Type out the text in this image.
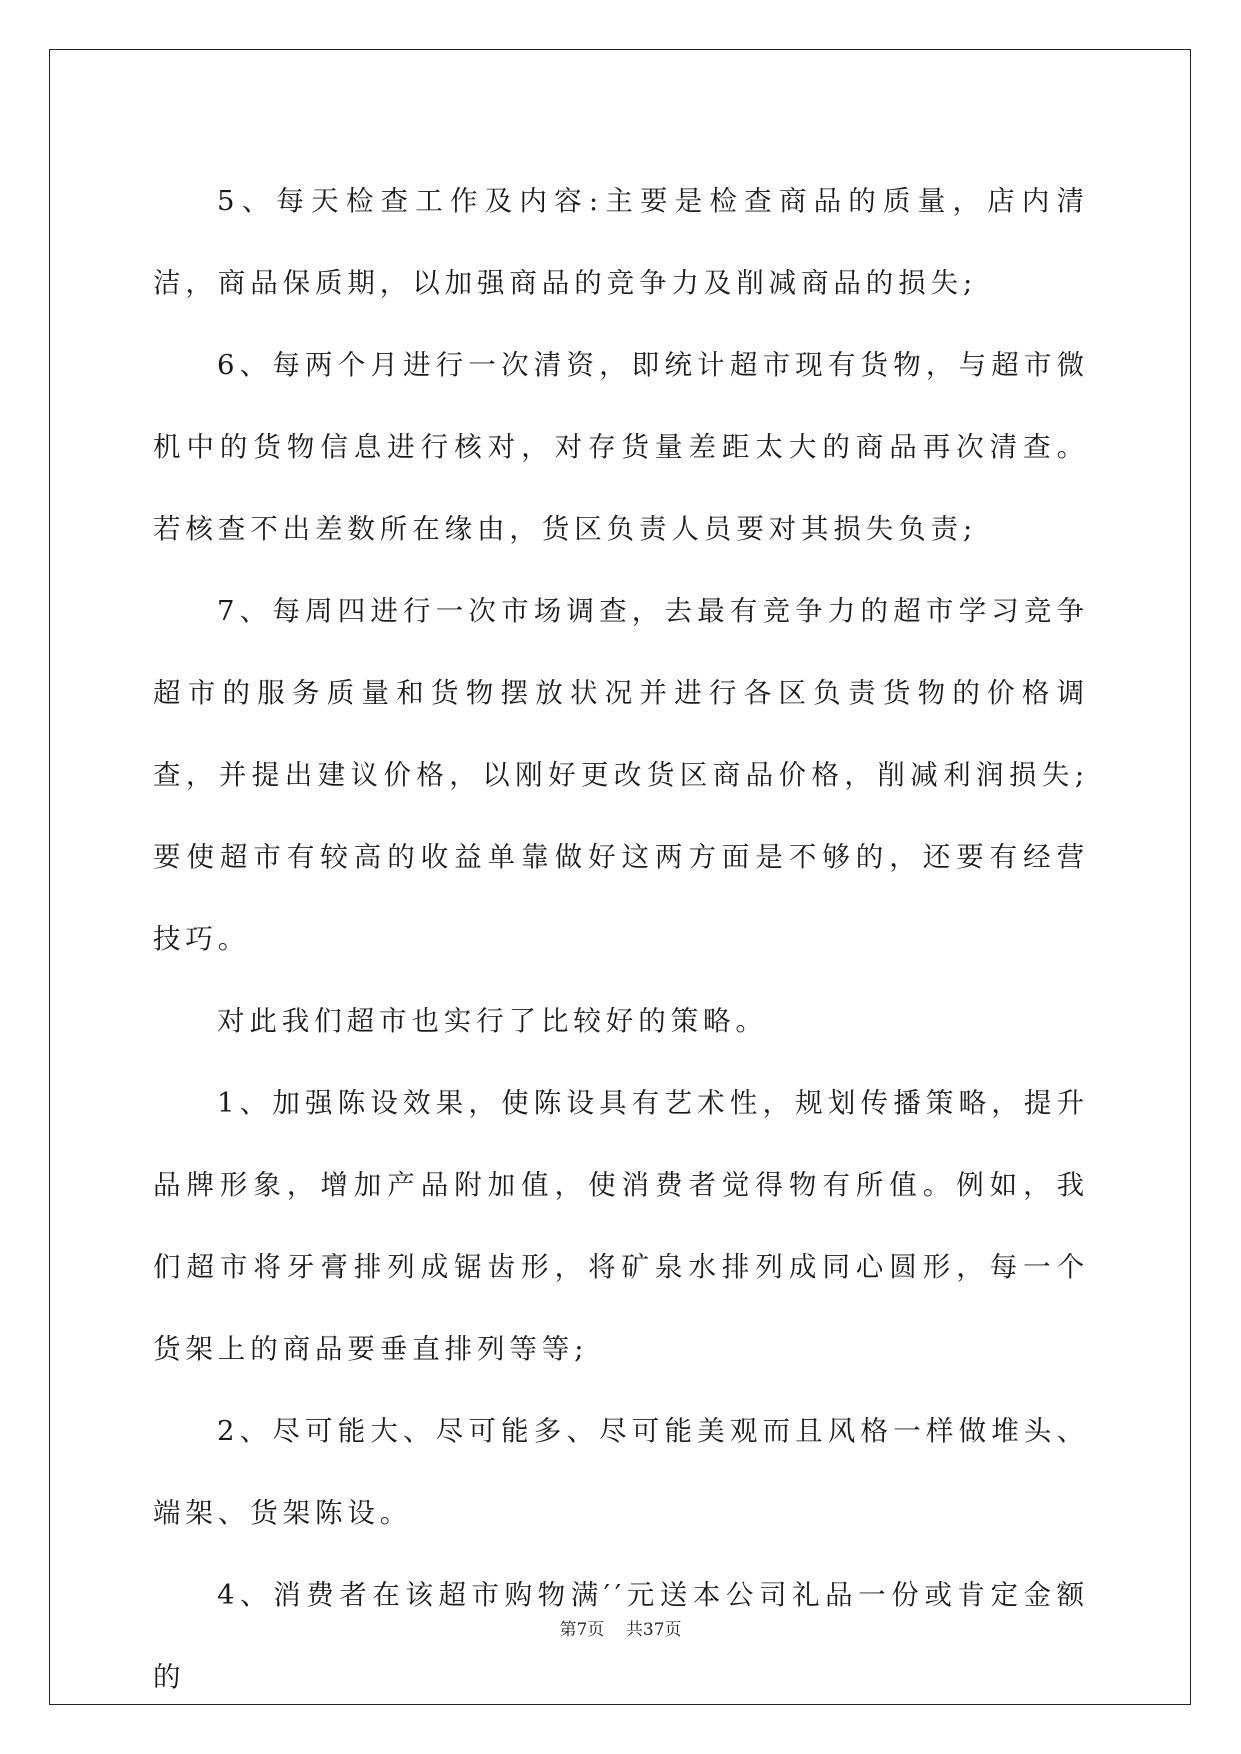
5、每天检查工作及内容:主要是检查商品的质量，店内清洁，商品保质期，以加强商品的竞争力及削减商品的损失;

6、每两个月进行一次清资，即统计超市现有货物，与超市微机中的货物信息进行核对，对存货量差距太大的商品再次清查。若核查不出差数所在缘由，货区负责人员要对其损失负责;

7、每周四进行一次市场调查，去最有竞争力的超市学习竞争超市的服务质量和货物摆放状况并进行各区负责货物的价格调查，并提出建议价格，以刚好更改货区商品价格，削减利润损失;要使超市有较高的收益单靠做好这两方面是不够的，还要有经营技巧。

对此我们超市也实行了比较好的策略。

1、加强陈设效果，使陈设具有艺术性，规划传播策略，提升品牌形象，增加产品附加值，使消费者觉得物有所值。例如，我们超市将牙膏排列成锯齿形，将矿泉水排列成同心圆形，每一个货架上的商品要垂直排列等等;

2、尽可能大、尽可能多、尽可能美观而且风格一样做堆头、端架、货架陈设。

4、消费者在该超市购物满′′元送本公司礼品一份或肯定金额的

第7页 共37页
